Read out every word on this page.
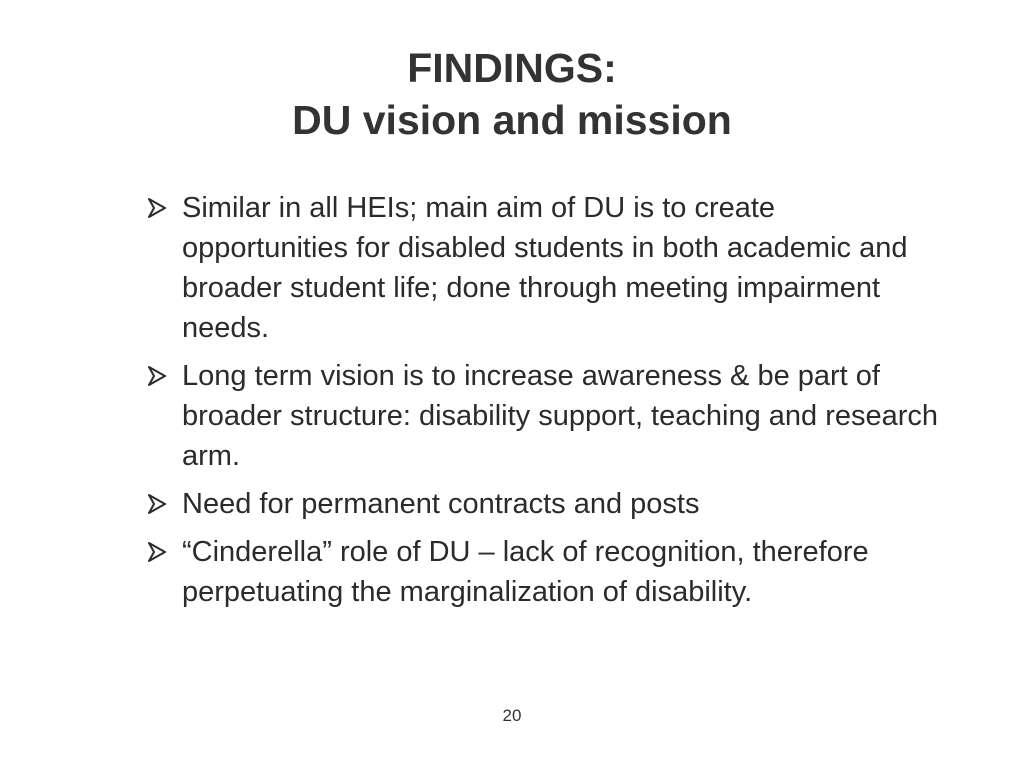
FINDINGS:
DU vision and mission
Similar in all HEIs; main aim of DU is to create opportunities for disabled students in both academic and broader student life; done through meeting impairment needs.
Long term vision is to increase awareness & be part of broader structure: disability support, teaching and research arm.
Need for permanent contracts and posts
“Cinderella” role of DU – lack of recognition, therefore perpetuating the marginalization of disability.
20
